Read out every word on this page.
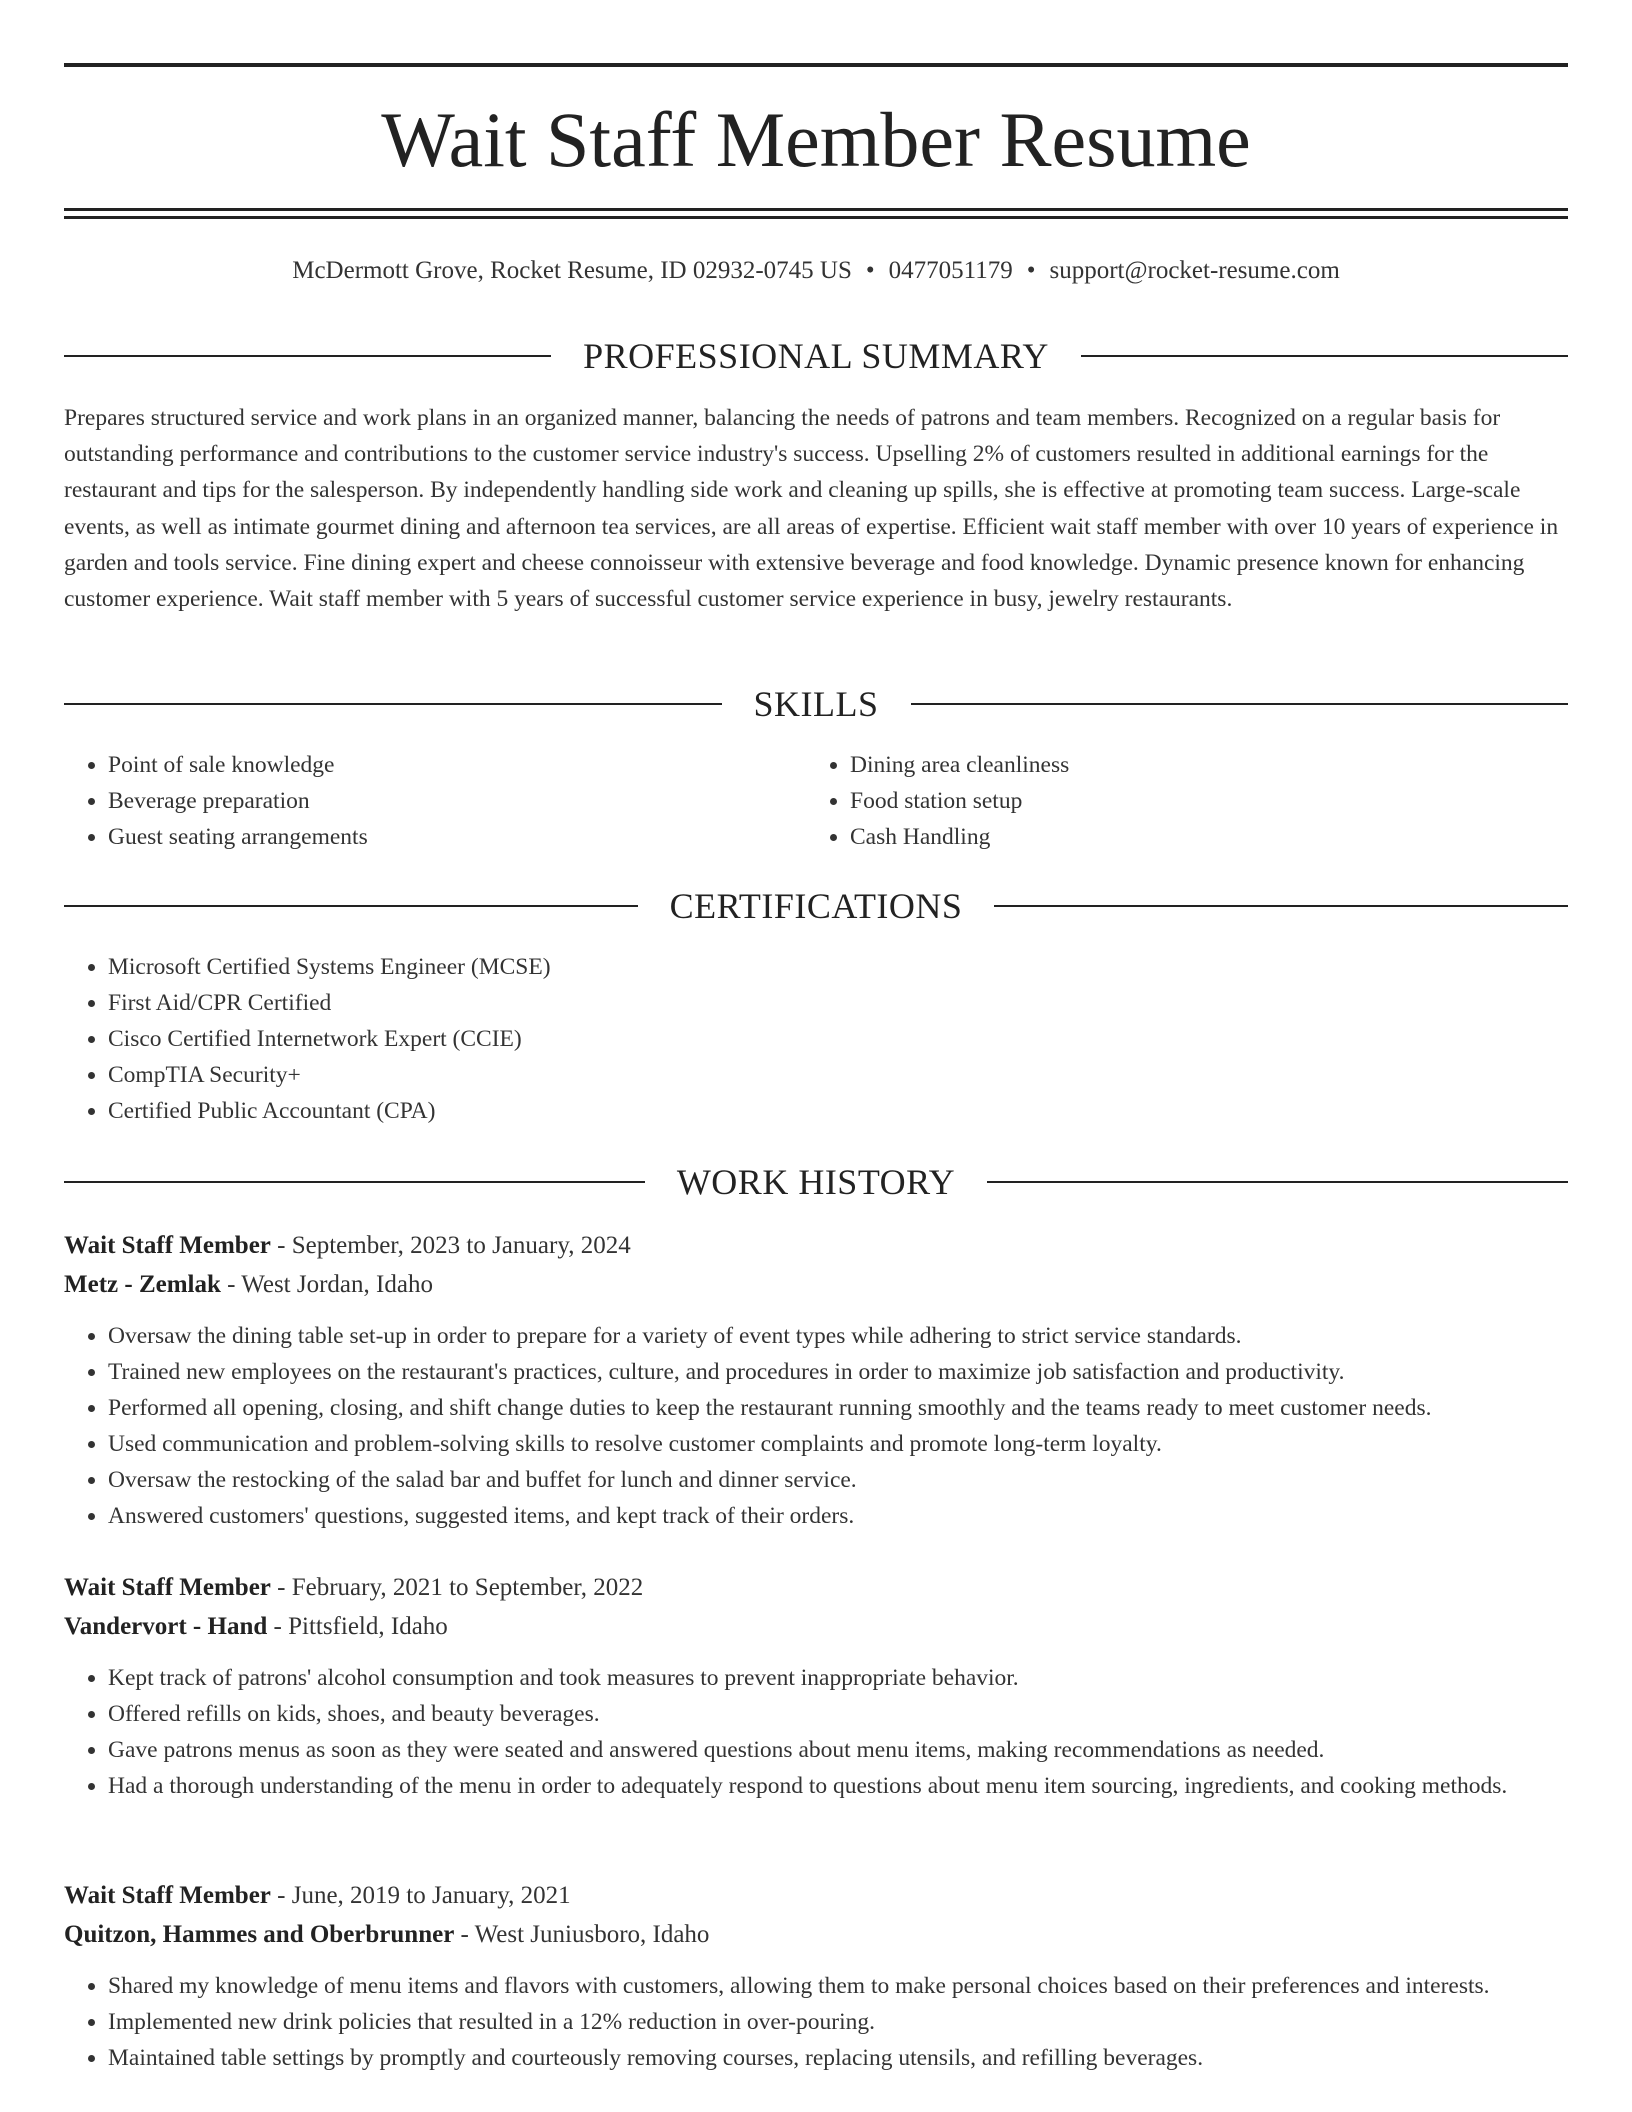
Wait Staff Member Resume
McDermott Grove, Rocket Resume, ID 02932-0745 US • 0477051179 • support@rocket-resume.com
PROFESSIONAL SUMMARY

Prepares structured service and work plans in an organized manner, balancing the needs of patrons and team members. Recognized on a regular basis for outstanding performance and contributions to the customer service industry's success. Upselling 2% of customers resulted in additional earnings for the restaurant and tips for the salesperson. By independently handling side work and cleaning up spills, she is effective at promoting team success. Large-scale events, as well as intimate gourmet dining and afternoon tea services, are all areas of expertise. Efficient wait staff member with over 10 years of experience in garden and tools service. Fine dining expert and cheese connoisseur with extensive beverage and food knowledge. Dynamic presence known for enhancing customer experience. Wait staff member with 5 years of successful customer service experience in busy, jewelry restaurants.

SKILLS
• Point of sale knowledge
• Beverage preparation
• Guest seating arrangements
• Dining area cleanliness
• Food station setup
• Cash Handling
CERTIFICATIONS
• Microsoft Certified Systems Engineer (MCSE)
• First Aid/CPR Certified
• Cisco Certified Internetwork Expert (CCIE)
• CompTIA Security+
• Certified Public Accountant (CPA)
WORK HISTORY
Wait Staff Member - September, 2023 to January, 2024
Metz - Zemlak - West Jordan, Idaho
• Oversaw the dining table set-up in order to prepare for a variety of event types while adhering to strict service standards.
• Trained new employees on the restaurant's practices, culture, and procedures in order to maximize job satisfaction and productivity.
• Performed all opening, closing, and shift change duties to keep the restaurant running smoothly and the teams ready to meet customer needs.
• Used communication and problem-solving skills to resolve customer complaints and promote long-term loyalty.
• Oversaw the restocking of the salad bar and buffet for lunch and dinner service.
• Answered customers' questions, suggested items, and kept track of their orders.
Wait Staff Member - February, 2021 to September, 2022
Vandervort - Hand - Pittsfield, Idaho
• Kept track of patrons' alcohol consumption and took measures to prevent inappropriate behavior.
• Offered refills on kids, shoes, and beauty beverages.
• Gave patrons menus as soon as they were seated and answered questions about menu items, making recommendations as needed.
• Had a thorough understanding of the menu in order to adequately respond to questions about menu item sourcing, ingredients, and cooking methods.
Wait Staff Member - June, 2019 to January, 2021
Quitzon, Hammes and Oberbrunner - West Juniusboro, Idaho
• Shared my knowledge of menu items and flavors with customers, allowing them to make personal choices based on their preferences and interests.
• Implemented new drink policies that resulted in a 12% reduction in over-pouring.
• Maintained table settings by promptly and courteously removing courses, replacing utensils, and refilling beverages.
